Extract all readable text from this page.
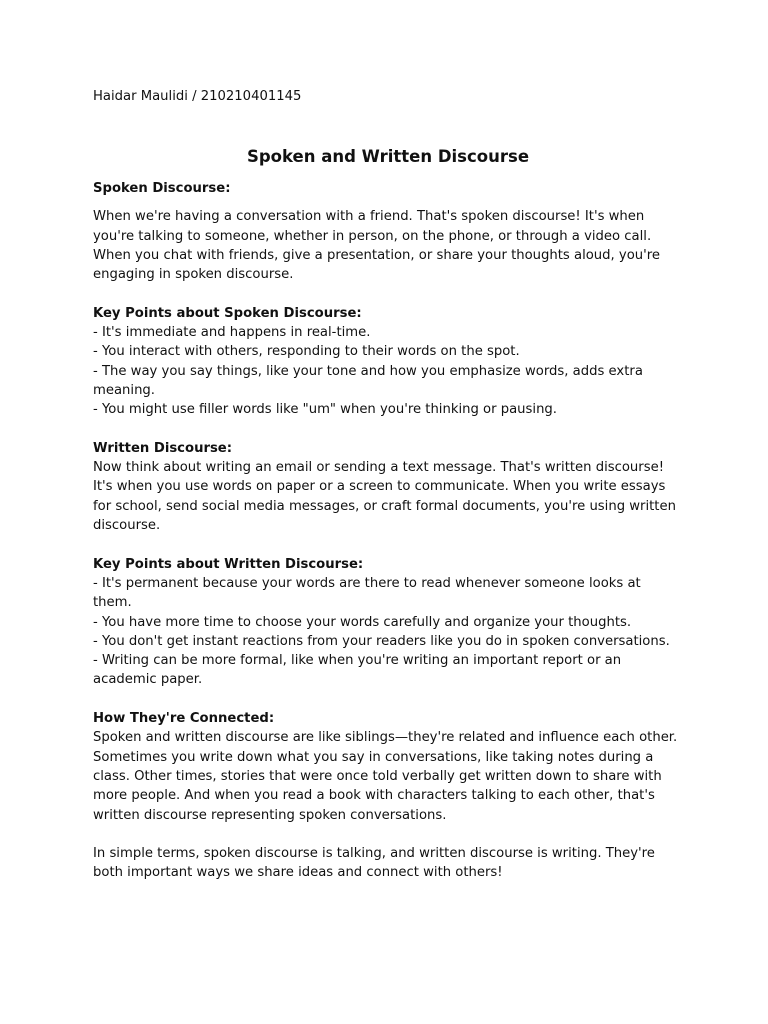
Haidar Maulidi / 210210401145

Spoken and Written Discourse

Spoken Discourse:

When we're having a conversation with a friend. That's spoken discourse! It's when you're talking to someone, whether in person, on the phone, or through a video call. When you chat with friends, give a presentation, or share your thoughts aloud, you're engaging in spoken discourse.

Key Points about Spoken Discourse:

- It's immediate and happens in real-time.
- You interact with others, responding to their words on the spot.
- The way you say things, like your tone and how you emphasize words, adds extra meaning.
- You might use filler words like "um" when you're thinking or pausing.

Written Discourse:

Now think about writing an email or sending a text message. That's written discourse! It's when you use words on paper or a screen to communicate. When you write essays for school, send social media messages, or craft formal documents, you're using written discourse.

Key Points about Written Discourse:

- It's permanent because your words are there to read whenever someone looks at them.
- You have more time to choose your words carefully and organize your thoughts.
- You don't get instant reactions from your readers like you do in spoken conversations.
- Writing can be more formal, like when you're writing an important report or an academic paper.

How They're Connected:

Spoken and written discourse are like siblings—they're related and influence each other. Sometimes you write down what you say in conversations, like taking notes during a class. Other times, stories that were once told verbally get written down to share with more people. And when you read a book with characters talking to each other, that's written discourse representing spoken conversations.

In simple terms, spoken discourse is talking, and written discourse is writing. They're both important ways we share ideas and connect with others!
